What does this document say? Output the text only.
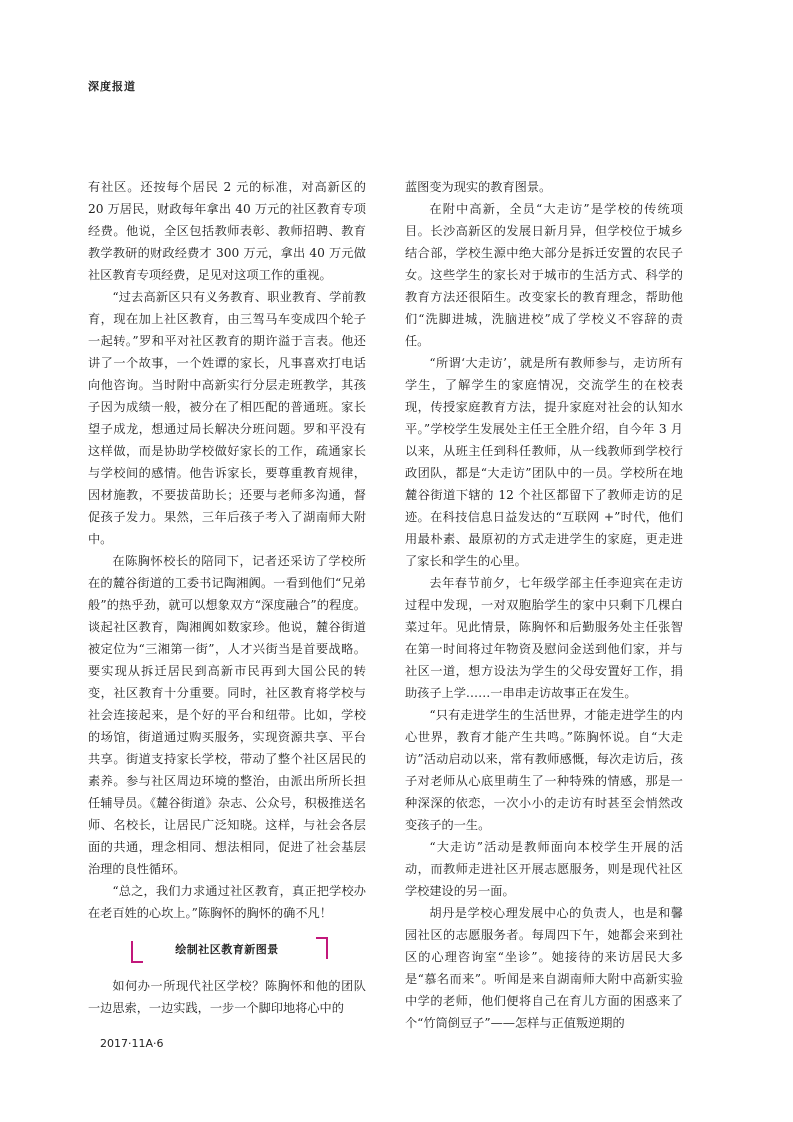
深度报道

有社区。还按每个居民 2 元的标准，对高新区的 20 万居民，财政每年拿出 40 万元的社区教育专项经费。他说，全区包括教师表彰、教师招聘、教育教学教研的财政经费才 300 万元，拿出 40 万元做社区教育专项经费，足见对这项工作的重视。

“过去高新区只有义务教育、职业教育、学前教育，现在加上社区教育，由三驾马车变成四个轮子一起转。”罗和平对社区教育的期许溢于言表。他还讲了一个故事，一个姓谭的家长，凡事喜欢打电话向他咨询。当时附中高新实行分层走班教学，其孩子因为成绩一般，被分在了相匹配的普通班。家长望子成龙，想通过局长解决分班问题。罗和平没有这样做，而是协助学校做好家长的工作，疏通家长与学校间的感情。他告诉家长，要尊重教育规律，因材施教，不要拔苗助长；还要与老师多沟通，督促孩子发力。果然，三年后孩子考入了湖南师大附中。

在陈胸怀校长的陪同下，记者还采访了学校所在的麓谷街道的工委书记陶湘阗。一看到他们“兄弟般”的热乎劲，就可以想象双方“深度融合”的程度。谈起社区教育，陶湘阗如数家珍。他说，麓谷街道被定位为“三湘第一街”，人才兴街当是首要战略。要实现从拆迁居民到高新市民再到大国公民的转变，社区教育十分重要。同时，社区教育将学校与社会连接起来，是个好的平台和纽带。比如，学校的场馆，街道通过购买服务，实现资源共享、平台共享。街道支持家长学校，带动了整个社区居民的素养。参与社区周边环境的整治，由派出所所长担任辅导员。《麓谷街道》杂志、公众号，积极推送名师、名校长，让居民广泛知晓。这样，与社会各层面的共通，理念相同、想法相同，促进了社会基层治理的良性循环。

“总之，我们力求通过社区教育，真正把学校办在老百姓的心坎上。”陈胸怀的胸怀的确不凡！

绘制社区教育新图景

如何办一所现代社区学校？陈胸怀和他的团队一边思索，一边实践，一步一个脚印地将心中的

蓝图变为现实的教育图景。

在附中高新，全员“大走访”是学校的传统项目。长沙高新区的发展日新月异，但学校位于城乡结合部，学校生源中绝大部分是拆迁安置的农民子女。这些学生的家长对于城市的生活方式、科学的教育方法还很陌生。改变家长的教育理念，帮助他们“洗脚进城，洗脑进校”成了学校义不容辞的责任。

“所谓‘大走访’，就是所有教师参与，走访所有学生，了解学生的家庭情况，交流学生的在校表现，传授家庭教育方法，提升家庭对社会的认知水平。”学校学生发展处主任王全胜介绍，自今年 3 月以来，从班主任到科任教师，从一线教师到学校行政团队，都是“大走访”团队中的一员。学校所在地麓谷街道下辖的 12 个社区都留下了教师走访的足迹。在科技信息日益发达的“互联网 +”时代，他们用最朴素、最原初的方式走进学生的家庭，更走进了家长和学生的心里。

去年春节前夕，七年级学部主任李迎宾在走访过程中发现，一对双胞胎学生的家中只剩下几棵白菜过年。见此情景，陈胸怀和后勤服务处主任张智在第一时间将过年物资及慰问金送到他们家，并与社区一道，想方设法为学生的父母安置好工作，捐助孩子上学……一串串走访故事正在发生。

“只有走进学生的生活世界，才能走进学生的内心世界，教育才能产生共鸣。”陈胸怀说。自“大走访”活动启动以来，常有教师感慨，每次走访后，孩子对老师从心底里萌生了一种特殊的情感，那是一种深深的依恋，一次小小的走访有时甚至会悄然改变孩子的一生。

“大走访”活动是教师面向本校学生开展的活动，而教师走进社区开展志愿服务，则是现代社区学校建设的另一面。

胡丹是学校心理发展中心的负责人，也是和馨园社区的志愿服务者。每周四下午，她都会来到社区的心理咨询室“坐诊”。她接待的来访居民大多是“慕名而来”。听闻是来自湖南师大附中高新实验中学的老师，他们便将自己在育儿方面的困惑来了个“竹筒倒豆子”——怎样与正值叛逆期的

2017·11A·6
